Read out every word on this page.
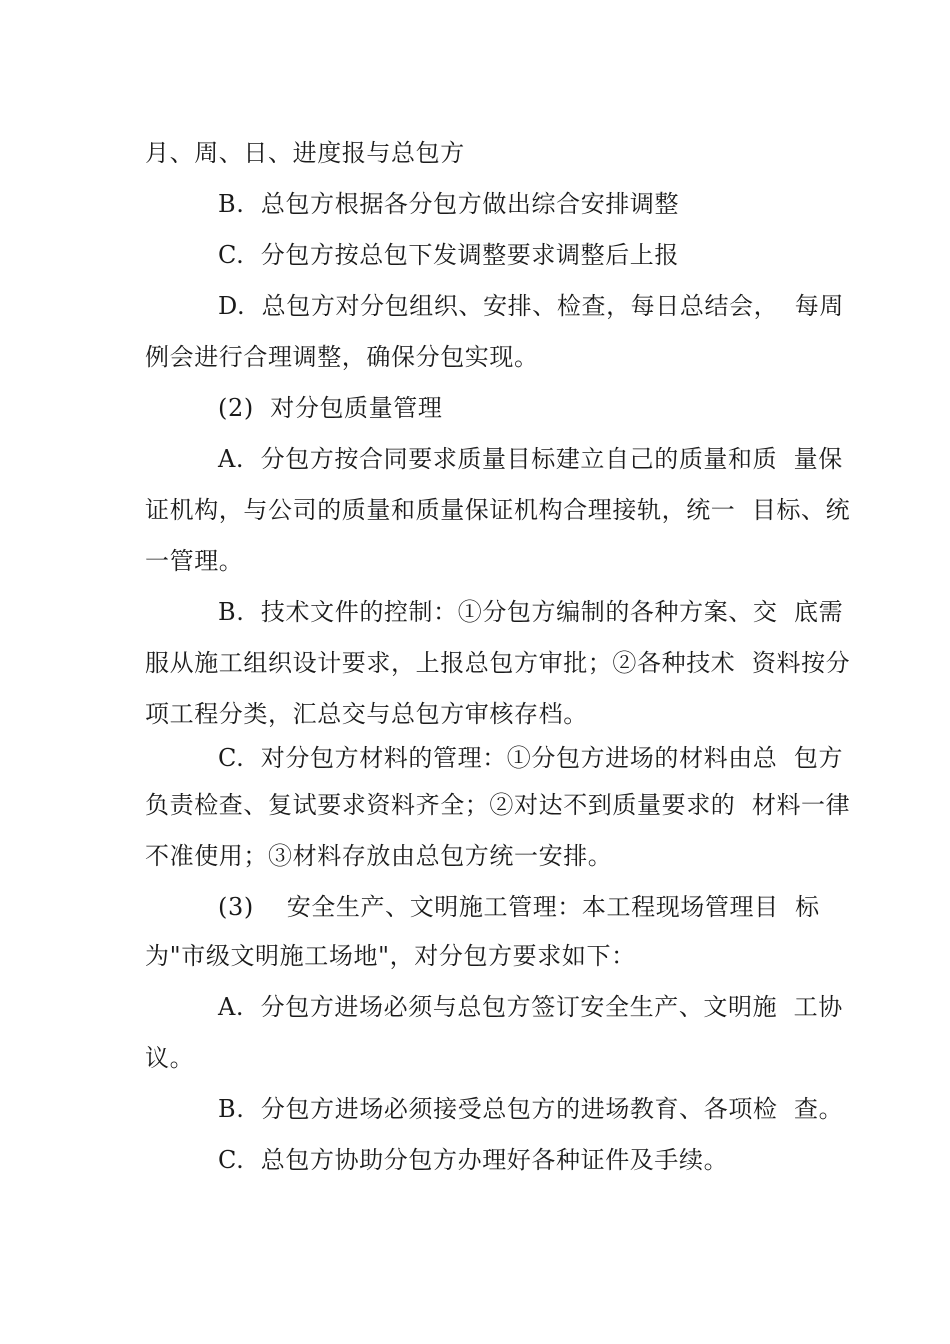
月、周、日、进度报与总包方
B.  总包方根据各分包方做出综合安排调整
C.  分包方按总包下发调整要求调整后上报
D.  总包方对分包组织、安排、检查，每日总结会，  每周
例会进行合理调整，确保分包实现。
(2)  对分包质量管理
A.  分包方按合同要求质量目标建立自己的质量和质  量保
证机构，与公司的质量和质量保证机构合理接轨，统一  目标、统
一管理。
B.  技术文件的控制：①分包方编制的各种方案、交  底需
服从施工组织设计要求，上报总包方审批；②各种技术  资料按分
项工程分类，汇总交与总包方审核存档。
C.  对分包方材料的管理：①分包方进场的材料由总  包方
负责检查、复试要求资料齐全；②对达不到质量要求的  材料一律
不准使用；③材料存放由总包方统一安排。
(3)    安全生产、文明施工管理：本工程现场管理目  标
为"市级文明施工场地"，对分包方要求如下：
A.  分包方进场必须与总包方签订安全生产、文明施  工协
议。
B.  分包方进场必须接受总包方的进场教育、各项检  查。
C.  总包方协助分包方办理好各种证件及手续。
